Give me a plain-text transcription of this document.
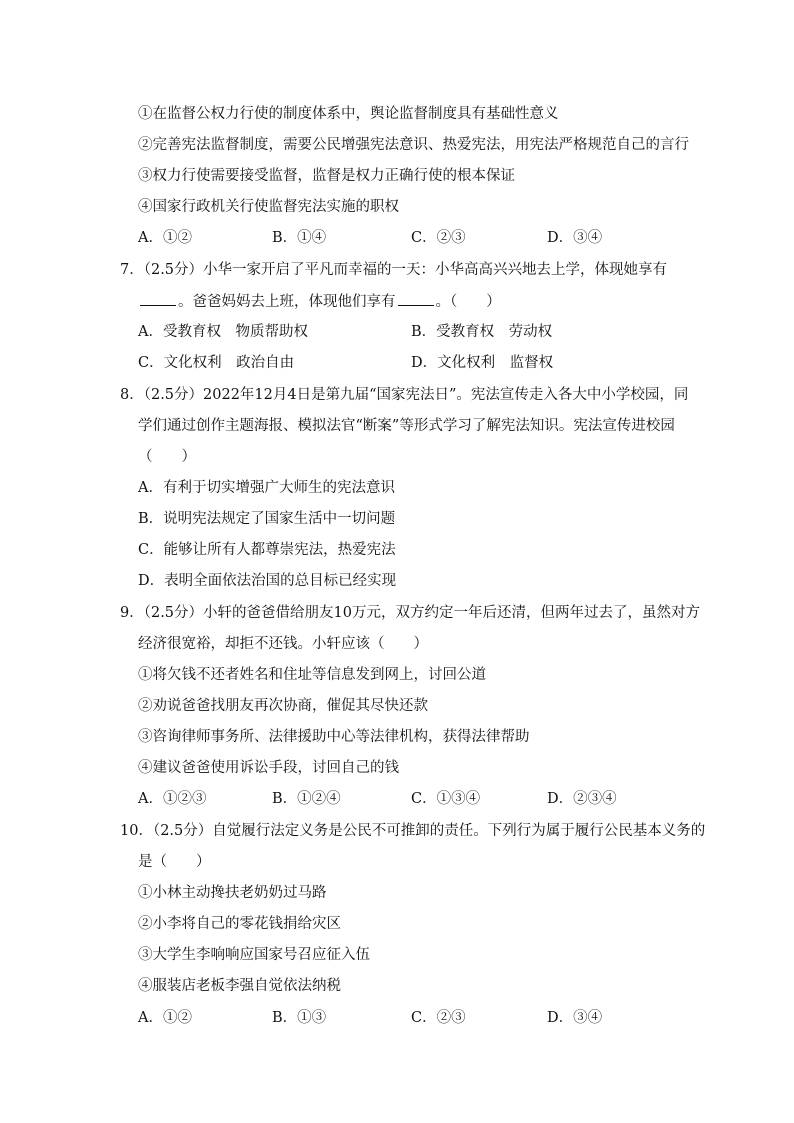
①在监督公权力行使的制度体系中，舆论监督制度具有基础性意义
②完善宪法监督制度，需要公民增强宪法意识、热爱宪法，用宪法严格规范自己的言行
③权力行使需要接受监督，监督是权力正确行使的根本保证
④国家行政机关行使监督宪法实施的职权
A．①②	B．①④	C．②③	D．③④
7．（2.5分）小华一家开启了平凡而幸福的一天：小华高高兴兴地去上学，体现她享有
。爸爸妈妈去上班，体现他们享有	。（　　）
A．受教育权　物质帮助权	B．受教育权　劳动权
C．文化权利　政治自由	D．文化权利　监督权
8．（2.5分）2022年12月4日是第九届“国家宪法日”。宪法宣传走入各大中小学校园，同
学们通过创作主题海报、模拟法官“断案”等形式学习了解宪法知识。宪法宣传进校园
（　　）
A．有利于切实增强广大师生的宪法意识
B．说明宪法规定了国家生活中一切问题
C．能够让所有人都尊崇宪法，热爱宪法
D．表明全面依法治国的总目标已经实现
9．（2.5分）小轩的爸爸借给朋友10万元，双方约定一年后还清，但两年过去了，虽然对方
经济很宽裕，却拒不还钱。小轩应该（　　）
①将欠钱不还者姓名和住址等信息发到网上，讨回公道
②劝说爸爸找朋友再次协商，催促其尽快还款
③咨询律师事务所、法律援助中心等法律机构，获得法律帮助
④建议爸爸使用诉讼手段，讨回自己的钱
A．①②③	B．①②④	C．①③④	D．②③④
10．（2.5分）自觉履行法定义务是公民不可推卸的责任。下列行为属于履行公民基本义务的
是（　　）
①小林主动搀扶老奶奶过马路
②小李将自己的零花钱捐给灾区
③大学生李响响应国家号召应征入伍
④服装店老板李强自觉依法纳税
A．①②	B．①③	C．②③	D．③④
